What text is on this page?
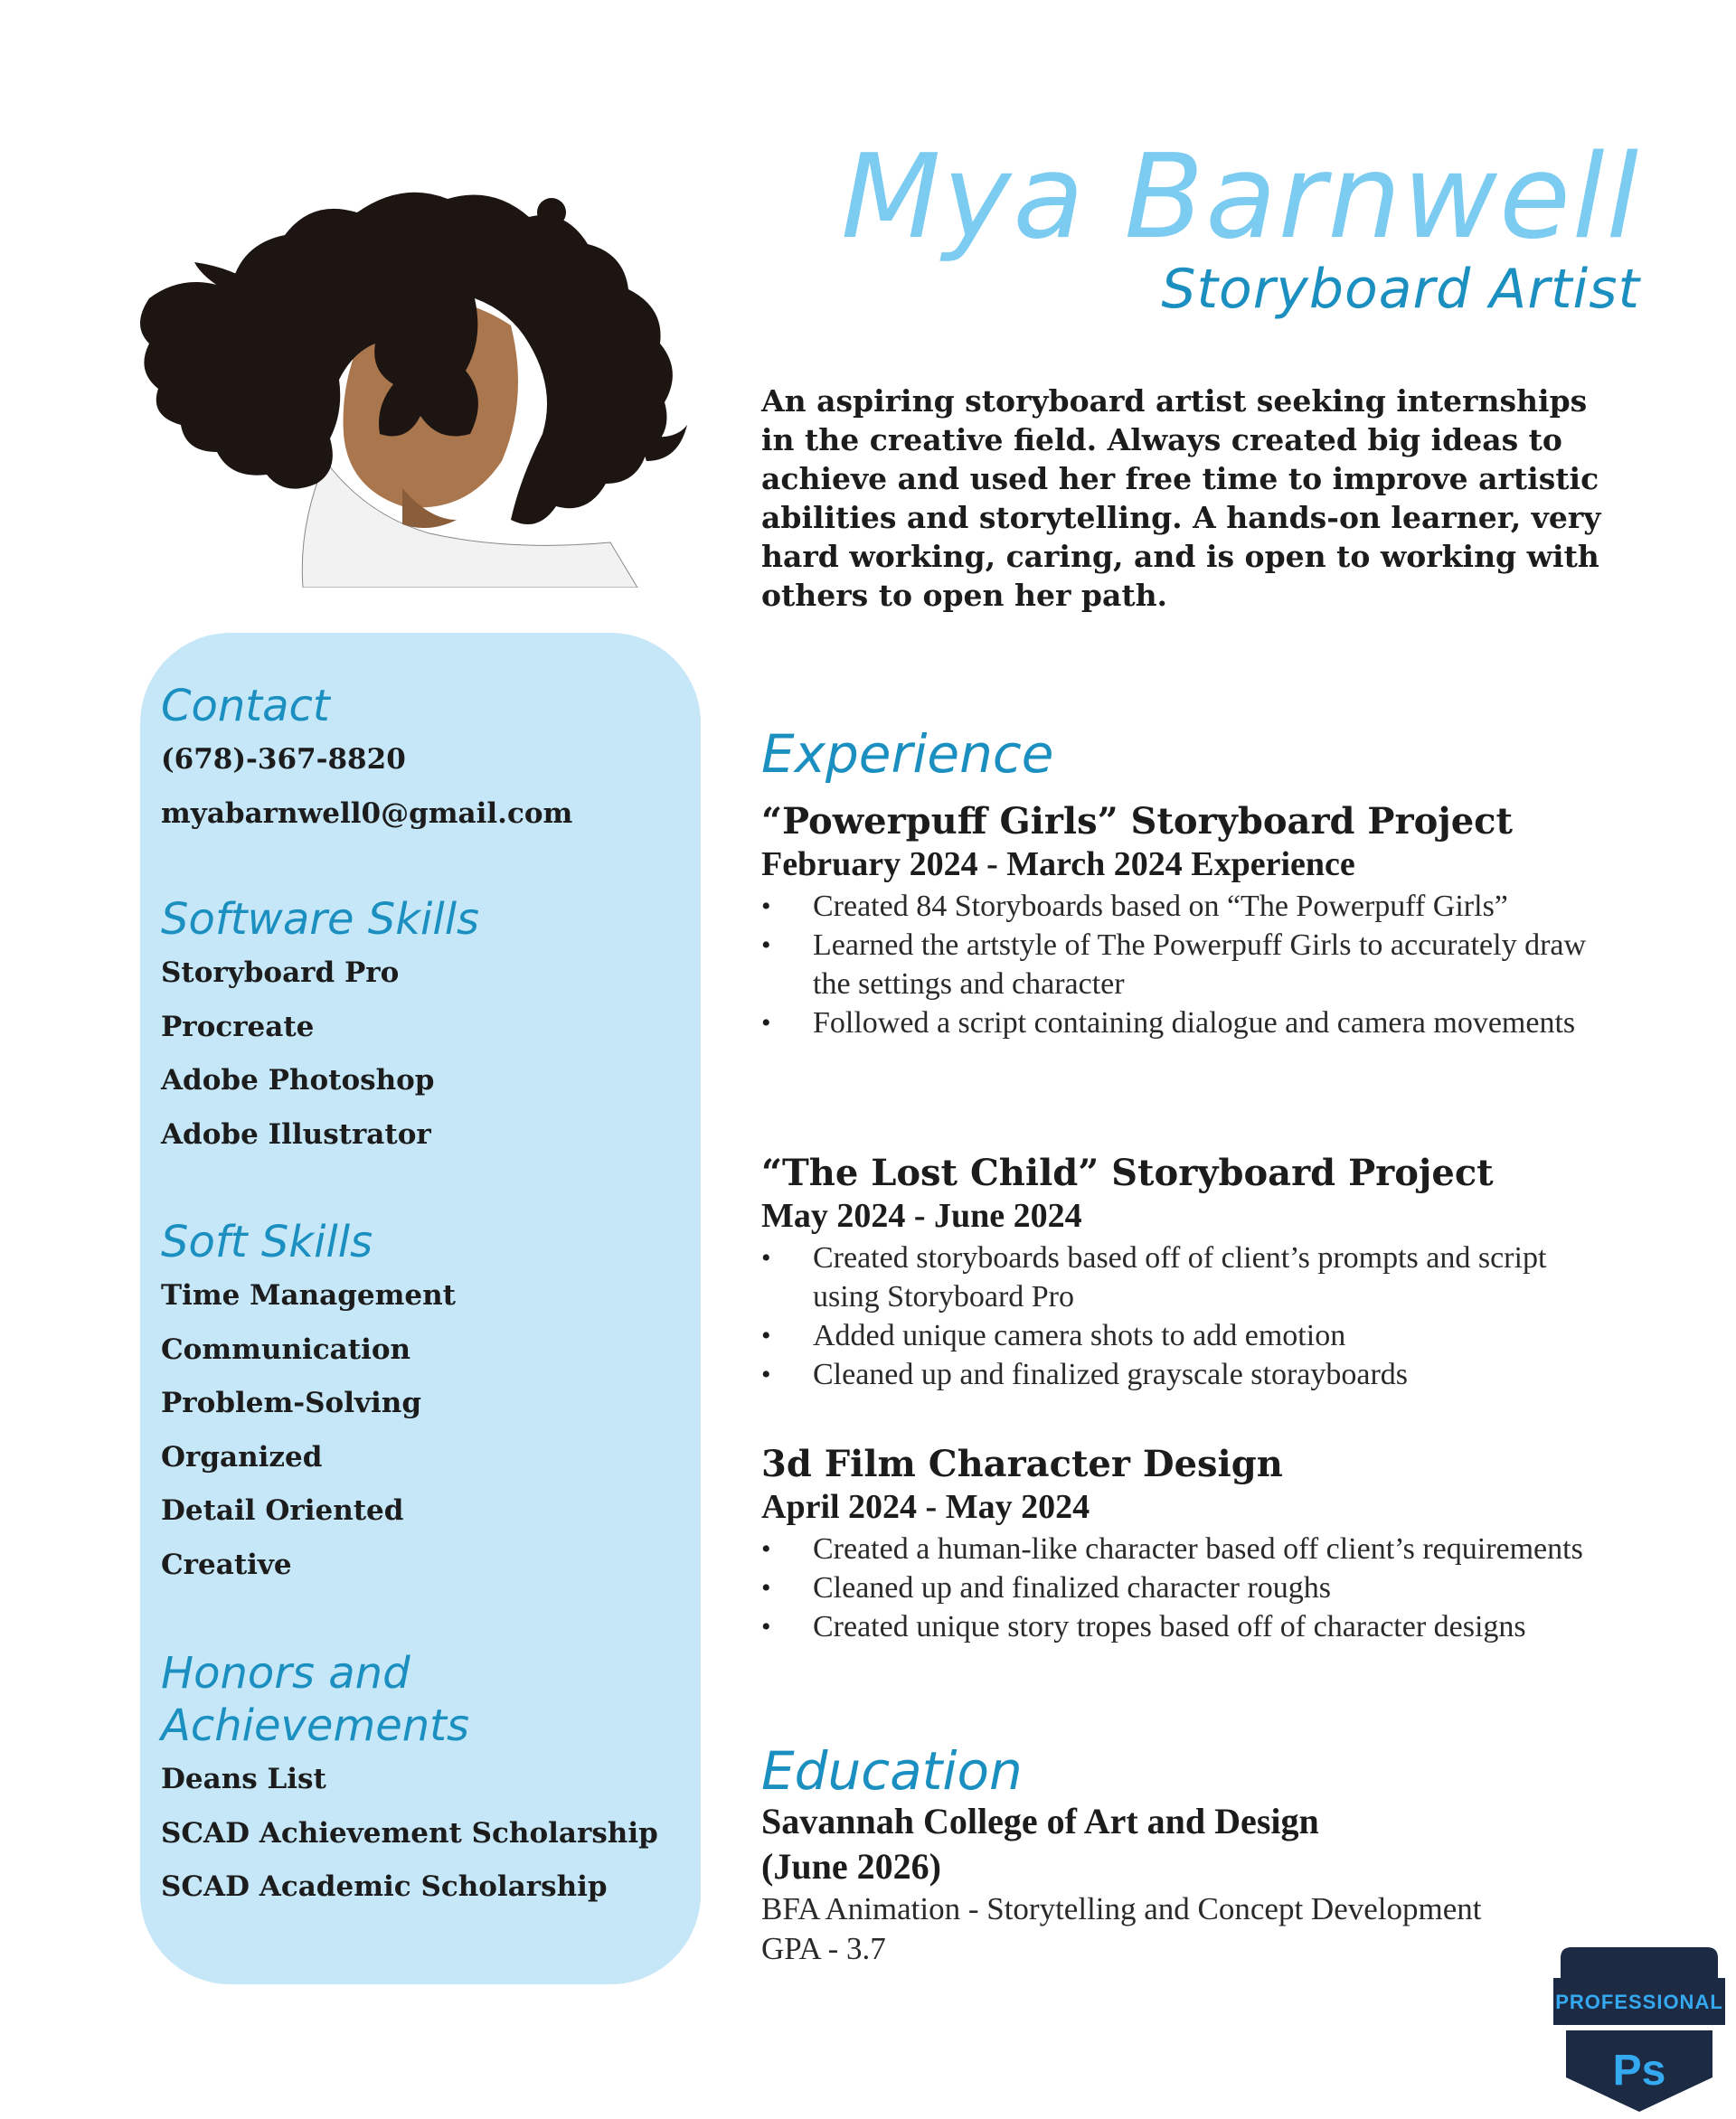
Mya Barnwell
Storyboard Artist
An aspiring storyboard artist seeking internships in the creative field. Always created big ideas to achieve and used her free time to improve artistic abilities and storytelling. A hands-on learner, very hard working, caring, and is open to working with others to open her path.
Contact
(678)-367-8820
myabarnwell0@gmail.com
Software Skills
Storyboard Pro
Procreate
Adobe Photoshop
Adobe Illustrator
Soft Skills
Time Management
Communication
Problem-Solving
Organized
Detail Oriented
Creative
Honors and Achievements
Deans List
SCAD Achievement Scholarship
SCAD Academic Scholarship
Experience
“Powerpuff Girls” Storyboard Project
February 2024 - March 2024 Experience
• Created 84 Storyboards based on “The Powerpuff Girls”
• Learned the artstyle of The Powerpuff Girls to accurately draw the settings and character
• Followed a script containing dialogue and camera movements
“The Lost Child” Storyboard Project
May 2024 - June 2024
• Created storyboards based off of client’s prompts and script using Storyboard Pro
• Added unique camera shots to add emotion
• Cleaned up and finalized grayscale storayboards
3d Film Character Design
April 2024 - May 2024
• Created a human-like character based off client’s requirements
• Cleaned up and finalized character roughs
• Created unique story tropes based off of character designs
Education
Savannah College of Art and Design
(June 2026)
BFA Animation - Storytelling and Concept Development
GPA - 3.7
PROFESSIONAL
Ps
